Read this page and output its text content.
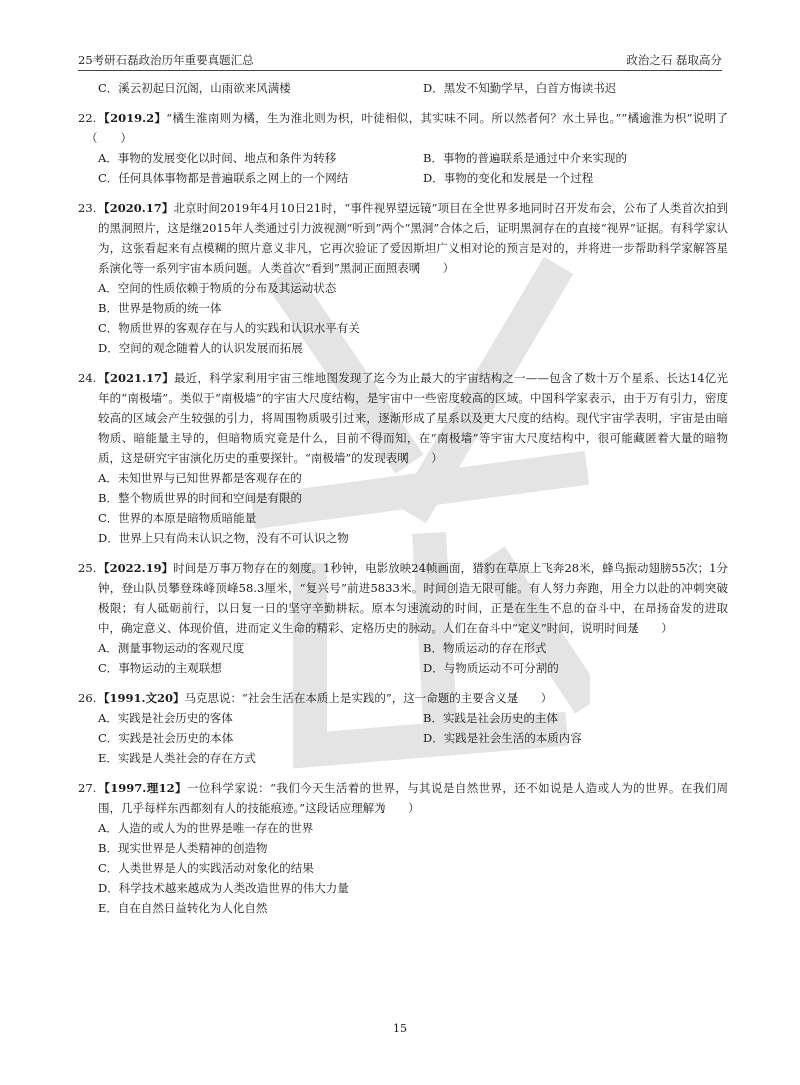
25考研石磊政治历年重要真题汇总	政治之石 磊取高分
C．溪云初起日沉阁，山雨欲来风满楼	D．黑发不知勤学早，白首方悔读书迟
22. 【2019.2】“橘生淮南则为橘，生为淮北则为枳，叶徒相似，其实味不同。所以然者何？水土异也。”“橘逾淮为枳”说明了（　　）
A．事物的发展变化以时间、地点和条件为转移	B．事物的普遍联系是通过中介来实现的
C．任何具体事物都是普遍联系之网上的一个网结	D．事物的变化和发展是一个过程
23. 【2020.17】北京时间2019年4月10日21时，“事件视界望远镜”项目在全世界多地同时召开发布会，公布了人类首次拍到的黑洞照片，这是继2015年人类通过引力波视测“听到”两个“黑洞”合体之后，证明黑洞存在的直接“视界”证据。有科学家认为，这张看起来有点模糊的照片意义非凡，它再次验证了爱因斯坦广义相对论的预言是对的，并将进一步帮助科学家解答星系演化等一系列宇宙本质问题。人类首次“看到”黑洞正面照表明（　　）
A．空间的性质依赖于物质的分布及其运动状态
B．世界是物质的统一体
C．物质世界的客观存在与人的实践和认识水平有关
D．空间的观念随着人的认识发展而拓展
24. 【2021.17】最近，科学家利用宇宙三维地图发现了迄今为止最大的宇宙结构之一——包含了数十万个星系、长达14亿光年的“南极墙”。类似于“南极墙”的宇宙大尺度结构，是宇宙中一些密度较高的区域。中国科学家表示，由于万有引力，密度较高的区域会产生较强的引力，将周围物质吸引过来，逐渐形成了星系以及更大尺度的结构。现代宇宙学表明，宇宙是由暗物质、暗能量主导的，但暗物质究竟是什么，目前不得而知，在“南极墙”等宇宙大尺度结构中，很可能藏匿着大量的暗物质，这是研究宇宙演化历史的重要探针。“南极墙”的发现表明（　　）
A．未知世界与已知世界都是客观存在的
B．整个物质世界的时间和空间是有限的
C．世界的本原是暗物质暗能量
D．世界上只有尚未认识之物，没有不可认识之物
25. 【2022.19】时间是万事万物存在的刻度。1秒钟，电影放映24帧画面，猎豹在草原上飞奔28米，蜂鸟振动翅膀55次；1分钟，登山队员攀登珠峰顶峰58.3厘米，“复兴号”前进5833米。时间创造无限可能。有人努力奔跑，用全力以赴的冲刺突破极限；有人砥砺前行，以日复一日的坚守辛勤耕耘。原本匀速流动的时间，正是在生生不息的奋斗中，在昂扬奋发的进取中，确定意义、体现价值，进而定义生命的精彩、定格历史的脉动。人们在奋斗中“定义”时间，说明时间是（　　）
A．测量事物运动的客观尺度	B．物质运动的存在形式
C．事物运动的主观联想	D．与物质运动不可分割的
26. 【1991.文20】马克思说：“社会生活在本质上是实践的”，这一命题的主要含义是（　　）
A．实践是社会历史的客体	B．实践是社会历史的主体
C．实践是社会历史的本体	D．实践是社会生活的本质内容
E．实践是人类社会的存在方式
27. 【1997.理12】一位科学家说：“我们今天生活着的世界，与其说是自然世界，还不如说是人造或人为的世界。在我们周围，几乎每样东西都刻有人的技能痕迹。”这段话应理解为（　　）
A．人造的或人为的世界是唯一存在的世界
B．现实世界是人类精神的创造物
C．人类世界是人的实践活动对象化的结果
D．科学技术越来越成为人类改造世界的伟大力量
E．自在自然日益转化为人化自然
15
